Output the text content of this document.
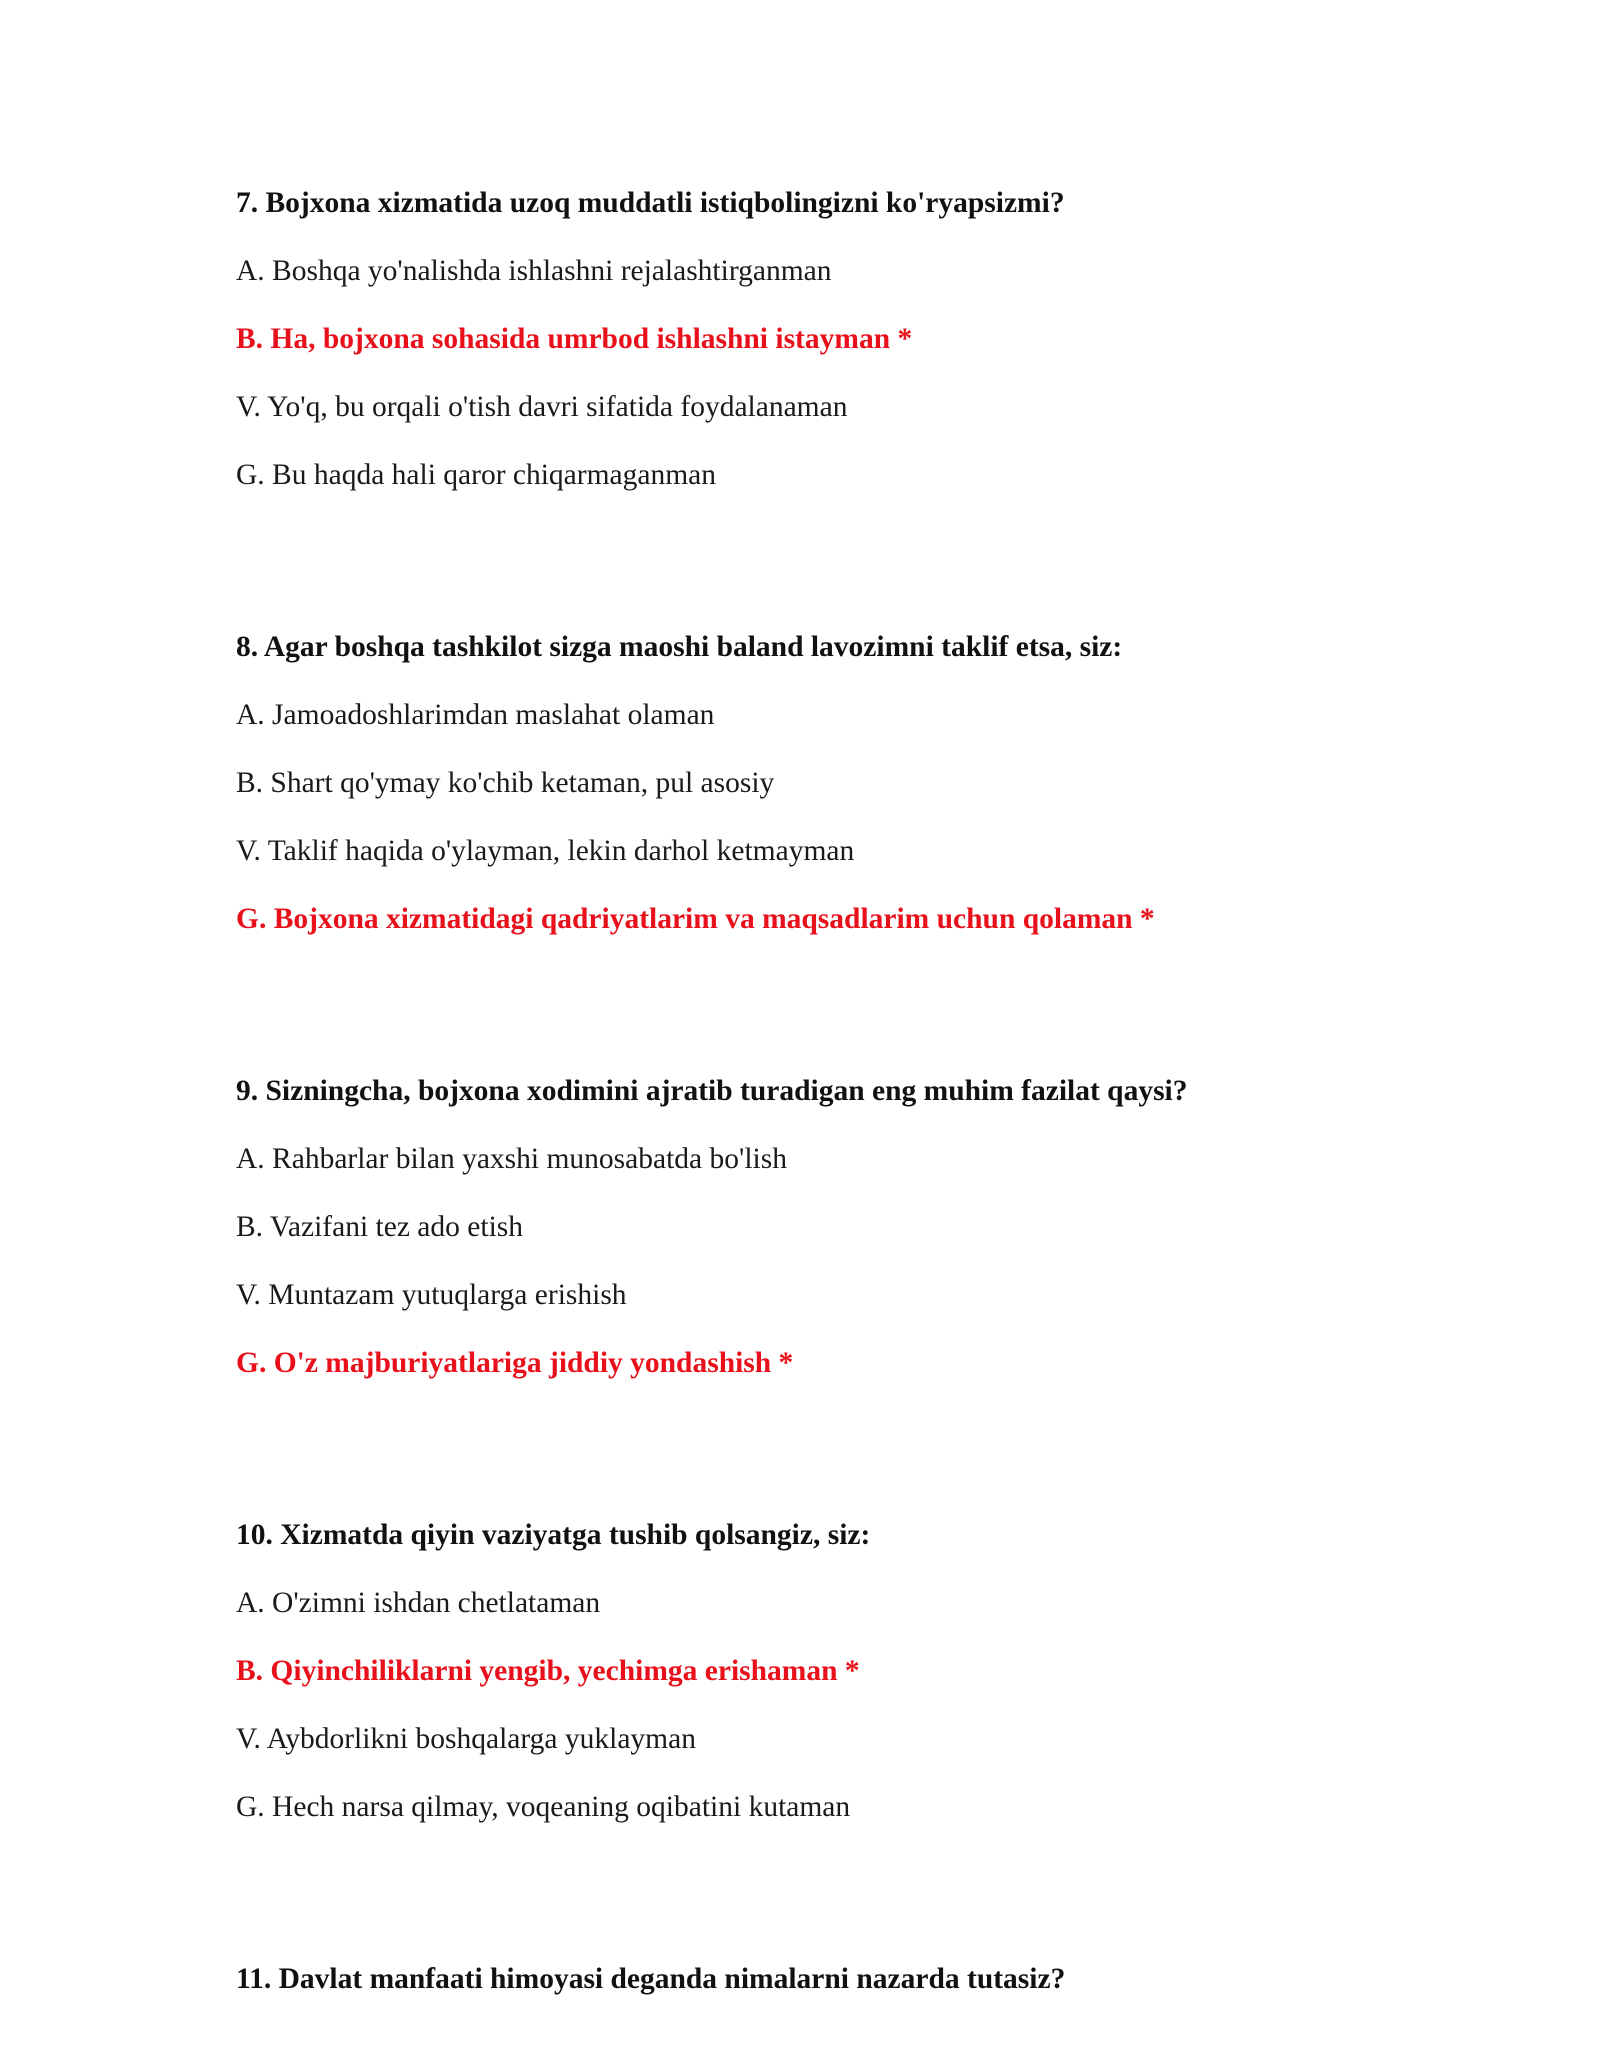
7. Bojxona xizmatida uzoq muddatli istiqbolingizni ko'ryapsizmi?

A. Boshqa yo'nalishda ishlashni rejalashtirganman
B. Ha, bojxona sohasida umrbod ishlashni istayman *
V. Yo'q, bu orqali o'tish davri sifatida foydalanaman
G. Bu haqda hali qaror chiqarmaganman

8. Agar boshqa tashkilot sizga maoshi baland lavozimni taklif etsa, siz:

A. Jamoadoshlarimdan maslahat olaman
B. Shart qo'ymay ko'chib ketaman, pul asosiy
V. Taklif haqida o'ylayman, lekin darhol ketmayman
G. Bojxona xizmatidagi qadriyatlarim va maqsadlarim uchun qolaman *

9. Sizningcha, bojxona xodimini ajratib turadigan eng muhim fazilat qaysi?

A. Rahbarlar bilan yaxshi munosabatda bo'lish
B. Vazifani tez ado etish
V. Muntazam yutuqlarga erishish
G. O'z majburiyatlariga jiddiy yondashish *

10. Xizmatda qiyin vaziyatga tushib qolsangiz, siz:

A. O'zimni ishdan chetlataman
B. Qiyinchiliklarni yengib, yechimga erishaman *
V. Aybdorlikni boshqalarga yuklayman
G. Hech narsa qilmay, voqeaning oqibatini kutaman

11. Davlat manfaati himoyasi deganda nimalarni nazarda tutasiz?
